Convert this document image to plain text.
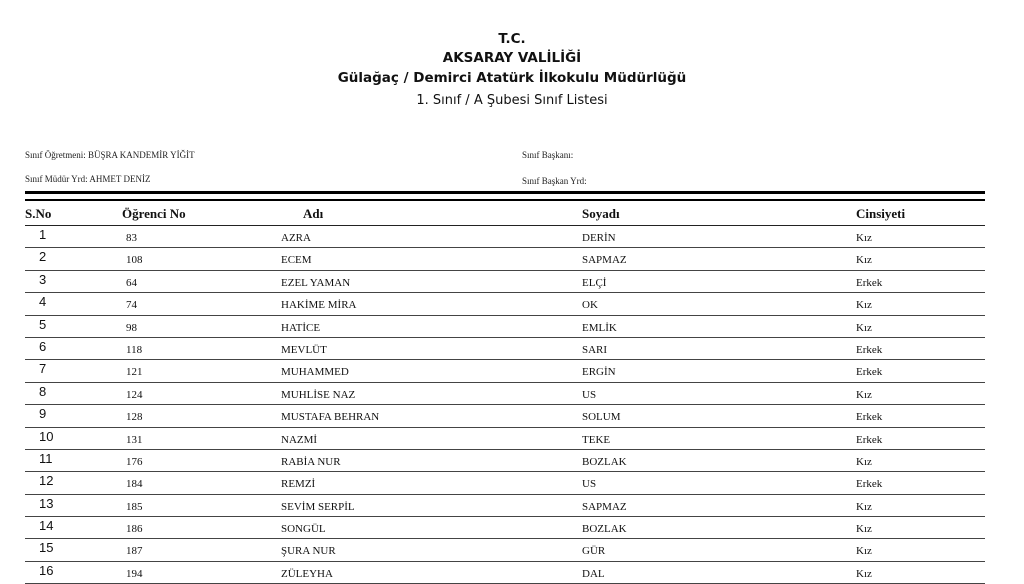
T.C.
AKSARAY VALİLİĞİ
Gülağaç / Demirci Atatürk İlkokulu Müdürlüğü
1. Sınıf / A Şubesi Sınıf Listesi
Sınıf Öğretmeni: BÜŞRA KANDEMİR YİĞİT
Sınıf Müdür Yrd: AHMET DENİZ
Sınıf Başkanı:
Sınıf Başkan Yrd:
S.No	Öğrenci No	Adı	Soyadı	Cinsiyeti
1	83	AZRA	DERİN	Kız
2	108	ECEM	SAPMAZ	Kız
3	64	EZEL YAMAN	ELÇİ	Erkek
4	74	HAKİME MİRA	OK	Kız
5	98	HATİCE	EMLİK	Kız
6	118	MEVLÜT	SARI	Erkek
7	121	MUHAMMED	ERGİN	Erkek
8	124	MUHLİSE NAZ	US	Kız
9	128	MUSTAFA BEHRAN	SOLUM	Erkek
10	131	NAZMİ	TEKE	Erkek
11	176	RABİA NUR	BOZLAK	Kız
12	184	REMZİ	US	Erkek
13	185	SEVİM SERPİL	SAPMAZ	Kız
14	186	SONGÜL	BOZLAK	Kız
15	187	ŞURA NUR	GÜR	Kız
16	194	ZÜLEYHA	DAL	Kız
